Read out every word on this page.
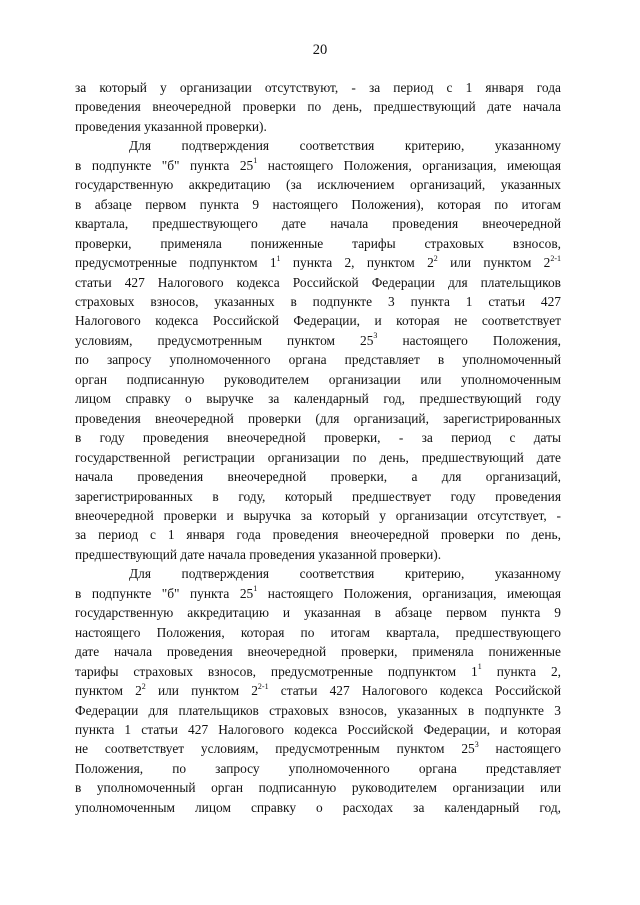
20

за который у организации отсутствуют, - за период с 1 января года
проведения внеочередной проверки по день, предшествующий дате начала
проведения указанной проверки).

Для подтверждения соответствия критерию, указанному
в подпункте "б" пункта $25^1$ настоящего Положения, организация, имеющая
государственную аккредитацию (за исключением организаций, указанных
в абзаце первом пункта 9 настоящего Положения), которая по итогам
квартала, предшествующего дате начала проведения внеочередной
проверки, применяла пониженные тарифы страховых взносов,
предусмотренные подпунктом $1^1$ пункта 2, пунктом $2^2$ или пунктом 2$^{2-1}$
статьи 427 Налогового кодекса Российской Федерации для плательщиков
страховых взносов, указанных в подпункте 3 пункта 1 статьи 427
Налогового кодекса Российской Федерации, и которая не соответствует
условиям, предусмотренным пунктом $25^3$ настоящего Положения,
по запросу уполномоченного органа представляет в уполномоченный
орган подписанную руководителем организации или уполномоченным
лицом справку о выручке за календарный год, предшествующий году
проведения внеочередной проверки (для организаций, зарегистрированных
в году проведения внеочередной проверки, - за период с даты
государственной регистрации организации по день, предшествующий дате
начала проведения внеочередной проверки, а для организаций,
зарегистрированных в году, который предшествует году проведения
внеочередной проверки и выручка за который у организации отсутствует, -
за период с 1 января года проведения внеочередной проверки по день,
предшествующий дате начала проведения указанной проверки).

Для подтверждения соответствия критерию, указанному
в подпункте "б" пункта $25^1$ настоящего Положения, организация, имеющая
государственную аккредитацию и указанная в абзаце первом пункта 9
настоящего Положения, которая по итогам квартала, предшествующего
дате начала проведения внеочередной проверки, применяла пониженные
тарифы страховых взносов, предусмотренные подпунктом $1^1$ пункта 2,
пунктом $2^2$ или пунктом 2$^{2-1}$ статьи 427 Налогового кодекса Российской
Федерации для плательщиков страховых взносов, указанных в подпункте 3
пункта 1 статьи 427 Налогового кодекса Российской Федерации, и которая
не соответствует условиям, предусмотренным пунктом $25^3$ настоящего
Положения, по запросу уполномоченного органа представляет
в уполномоченный орган подписанную руководителем организации или
уполномоченным лицом справку о расходах за календарный год,
